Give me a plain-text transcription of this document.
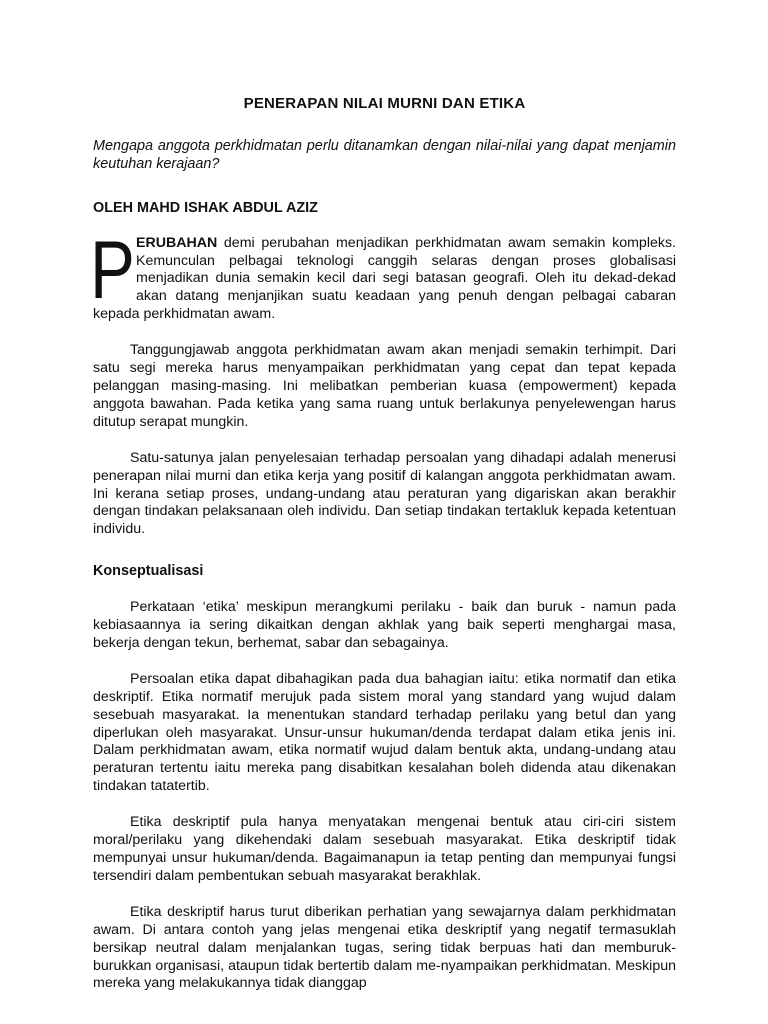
PENERAPAN NILAI MURNI DAN ETIKA
Mengapa anggota perkhidmatan perlu ditanamkan dengan nilai-nilai yang dapat menjamin keutuhan kerajaan?
OLEH MAHD ISHAK ABDUL AZIZ

PERUBAHAN demi perubahan menjadikan perkhidmatan awam semakin kompleks. Kemunculan pelbagai teknologi canggih selaras dengan proses globalisasi menjadikan dunia semakin kecil dari segi batasan geografi. Oleh itu dekad-dekad akan datang menjanjikan suatu keadaan yang penuh dengan pelbagai cabaran kepada perkhidmatan awam.

Tanggungjawab anggota perkhidmatan awam akan menjadi semakin terhimpit. Dari satu segi mereka harus menyampaikan perkhidmatan yang cepat dan tepat kepada pelanggan masing-masing. Ini melibatkan pemberian kuasa (empowerment) kepada anggota bawahan. Pada ketika yang sama ruang untuk berlakunya penyelewengan harus ditutup serapat mungkin.

Satu-satunya jalan penyelesaian terhadap persoalan yang dihadapi adalah menerusi penerapan nilai murni dan etika kerja yang positif di kalangan anggota perkhidmatan awam. Ini kerana setiap proses, undang-undang atau peraturan yang digariskan akan berakhir dengan tindakan pelaksanaan oleh individu. Dan setiap tindakan tertakluk kepada ketentuan individu.

Konseptualisasi

Perkataan ‘etika’ meskipun merangkumi perilaku - baik dan buruk - namun pada kebiasaannya ia sering dikaitkan dengan akhlak yang baik seperti menghargai masa, bekerja dengan tekun, berhemat, sabar dan sebagainya.

Persoalan etika dapat dibahagikan pada dua bahagian iaitu: etika normatif dan etika deskriptif. Etika normatif merujuk pada sistem moral yang standard yang wujud dalam sesebuah masyarakat. Ia menentukan standard terhadap perilaku yang betul dan yang diperlukan oleh masyarakat. Unsur-unsur hukuman/denda terdapat dalam etika jenis ini. Dalam perkhidmatan awam, etika normatif wujud dalam bentuk akta, undang-undang atau peraturan tertentu iaitu mereka pang disabitkan kesalahan boleh didenda atau dikenakan tindakan tatatertib.

Etika deskriptif pula hanya menyatakan mengenai bentuk atau ciri-ciri sistem moral/perilaku yang dikehendaki dalam sesebuah masyarakat. Etika deskriptif tidak mempunyai unsur hukuman/denda. Bagaimanapun ia tetap penting dan mempunyai fungsi tersendiri dalam pembentukan sebuah masyarakat berakhlak.

Etika deskriptif harus turut diberikan perhatian yang sewajarnya dalam perkhidmatan awam. Di antara contoh yang jelas mengenai etika deskriptif yang negatif termasuklah bersikap neutral dalam menjalankan tugas, sering tidak berpuas hati dan memburuk-burukkan organisasi, ataupun tidak bertertib dalam me-nyampaikan perkhidmatan. Meskipun mereka yang melakukannya tidak dianggap
